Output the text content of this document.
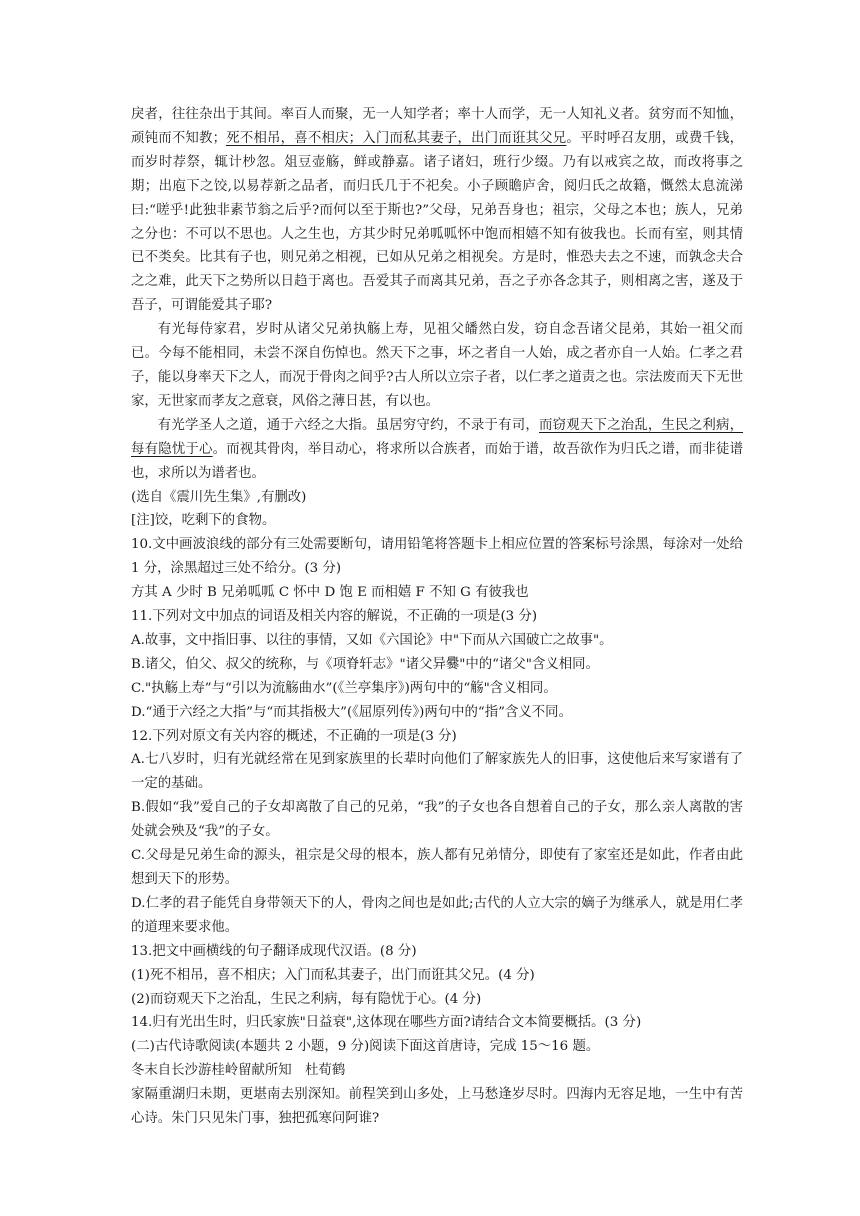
戾者，往往杂出于其间。率百人而聚，无一人知学者；率十人而学，无一人知礼义者。贫穷而不知恤，顽钝而不知教；死不相吊，喜不相庆；入门而私其妻子，出门而诳其父兄。平时呼召友朋，或费千钱，而岁时荐祭，辄计杪忽。俎豆壶觞，鲜或静嘉。诸子诸妇，班行少缀。乃有以戒宾之故，而改将事之期；出庖下之饺,以易荐新之品者，而归氏几于不祀矣。小子顾瞻庐舍，阅归氏之故籍，慨然太息流涕曰:“嗟乎!此独非素节翁之后乎?而何以至于斯也?”父母，兄弟吾身也；祖宗，父母之本也；族人，兄弟之分也：不可以不思也。人之生也，方其少时兄弟呱呱怀中饱而相嬉不知有彼我也。长而有室，则其情已不类矣。比其有子也，则兄弟之相视，已如从兄弟之相视矣。方是时，惟恐夫去之不速，而孰念夫合之之难，此天下之势所以日趋于离也。吾爱其子而离其兄弟，吾之子亦各念其子，则相离之害，遂及于吾子，可谓能爱其子耶?

有光每侍家君，岁时从诸父兄弟执觞上寿，见祖父皤然白发，窃自念吾诸父昆弟，其始一祖父而已。今每不能相同，未尝不深自伤悼也。然天下之事，坏之者自一人始，成之者亦自一人始。仁孝之君子，能以身率天下之人，而况于骨肉之间乎?古人所以立宗子者，以仁孝之道责之也。宗法废而天下无世家，无世家而孝友之意衰，风俗之薄日甚，有以也。

有光学圣人之道，通于六经之大指。虽居穷守约，不录于有司，而窃观天下之治乱，生民之利病，每有隐忧于心。而视其骨肉，举目动心，将求所以合族者，而始于谱，故吾欲作为归氏之谱，而非徒谱也，求所以为谱者也。

(选自《震川先生集》,有删改)

[注]饺，吃剩下的食物。

10.文中画波浪线的部分有三处需要断句，请用铅笔将答题卡上相应位置的答案标号涂黑，每涂对一处给 1 分，涂黑超过三处不给分。(3 分)

方其 A 少时 B 兄弟呱呱 C 怀中 D 饱 E 而相嬉 F 不知 G 有彼我也

11.下列对文中加点的词语及相关内容的解说，不正确的一项是(3 分)

A.故事，文中指旧事、以往的事情，又如《六国论》中"下而从六国破亡之故事"。

B.诸父，伯父、叔父的统称，与《项脊轩志》"诸父异爨"中的“诸父"含义相同。

C."执觞上寿”与“引以为流觞曲水”(《兰亭集序》)两句中的“觞"含义相同。

D.“通于六经之大指”与“而其指极大”(《屈原列传》)两句中的“指”含义不同。

12.下列对原文有关内容的概述，不正确的一项是(3 分)

A.七八岁时，归有光就经常在见到家族里的长辈时向他们了解家族先人的旧事，这使他后来写家谱有了一定的基础。

B.假如“我”爱自己的子女却离散了自己的兄弟，“我”的子女也各自想着自己的子女，那么亲人离散的害处就会殃及“我”的子女。

C.父母是兄弟生命的源头，祖宗是父母的根本，族人都有兄弟情分，即使有了家室还是如此，作者由此想到天下的形势。

D.仁孝的君子能凭自身带领天下的人，骨肉之间也是如此;古代的人立大宗的嫡子为继承人，就是用仁孝的道理来要求他。

13.把文中画横线的句子翻译成现代汉语。(8 分)

(1)死不相吊，喜不相庆；入门而私其妻子，出门而诳其父兄。(4 分)

(2)而窃观天下之治乱，生民之利病，每有隐忧于心。(4 分)

14.归有光出生时，归氏家族"日益衰",这体现在哪些方面?请结合文本简要概括。(3 分)

(二)古代诗歌阅读(本题共 2 小题，9 分)阅读下面这首唐诗，完成 15～16 题。

冬末自长沙游桂岭留献所知　杜荀鹤

家隔重湖归未期，更堪南去别深知。前程笑到山多处，上马愁逢岁尽时。四海内无容足地，一生中有苦心诗。朱门只见朱门事，独把孤寒问阿谁?
